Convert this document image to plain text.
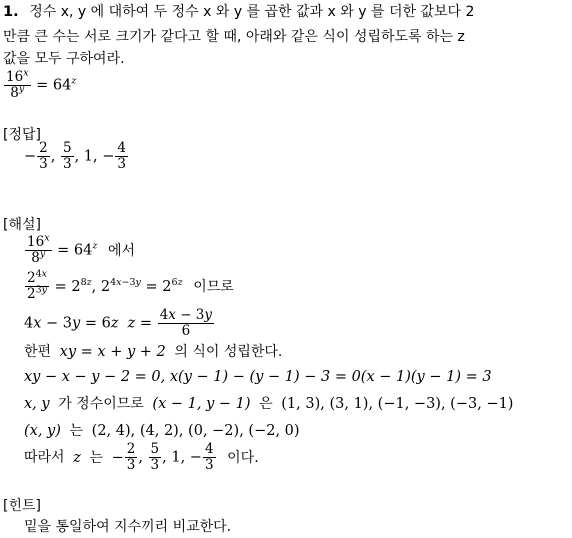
1. 정수 x, y 에 대하여 두 정수 x 와 y 를 곱한 값과 x 와 y 를 더한 값보다 2
만큼 큰 수는 서로 크기가 같다고 할 때, 아래와 같은 식이 성립하도록 하는 z
값을 모두 구하여라.
$\frac{16^x}{8^y} = 64^z$
[정답]
− $\frac{2}{3}$ , $\frac{5}{3}$ , 1, − $\frac{4}{3}$
[해설]
$\frac{16^x}{8^y} = 64^z$ 에서
$\frac{2^{4x}}{2^{3y}} = 2^{8z}$, $2^{4x-3y} = 2^{6z}$ 이므로
4x − 3y = 6z $z = \frac{4x - 3y}{6}$
한편 xy = x + y + 2 의 식이 성립한다.
xy − x − y − 2 = 0, x(y − 1) − (y − 1) − 3 = 0(x − 1)(y − 1) = 3
x, y 가 정수이므로 (x − 1, y − 1) 은 (1, 3), (3, 1), (−1, −3), (−3, −1)
(x, y) 는 (2, 4), (4, 2), (0, −2), (−2, 0)
따라서 z 는 − $\frac{2}{3}$ , $\frac{5}{3}$ , 1, − $\frac{4}{3}$ 이다.
[힌트]
밑을 통일하여 지수끼리 비교한다.
